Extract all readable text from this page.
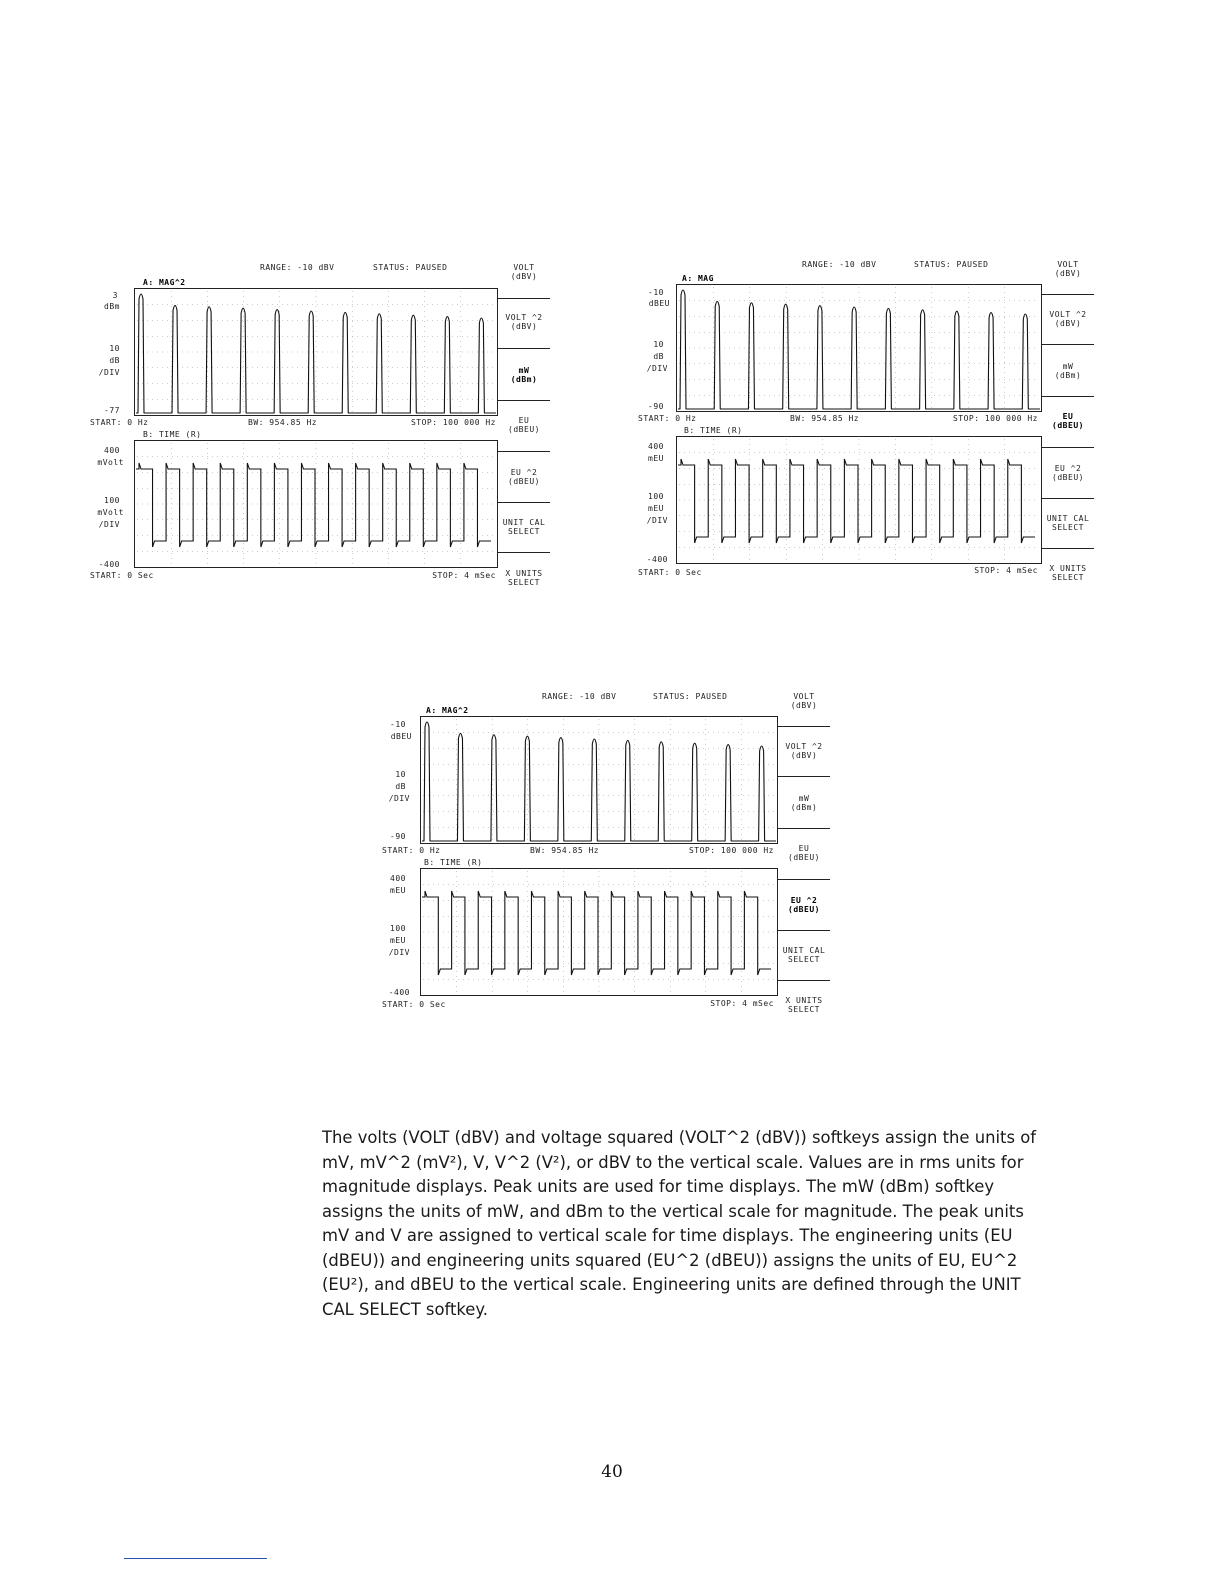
RANGE: -10 dBV	STATUS: PAUSED
A: MAG^2
3
dBm
10
dB
/DIV
-77
START: 0 Hz	BW: 954.85 Hz	STOP: 100 000 Hz
B: TIME (R)
400
mVolt
100
mVolt
/DIV
-400
START: 0 Sec	STOP: 4 mSec
VOLT
(dBV)
VOLT ^2
(dBV)
mW
(dBm)
EU
(dBEU)
EU ^2
(dBEU)
UNIT CAL
SELECT
X UNITS
SELECT
RANGE: -10 dBV	STATUS: PAUSED
A: MAG
-10
dBEU
10
dB
/DIV
-90
START: 0 Hz	BW: 954.85 Hz	STOP: 100 000 Hz
B: TIME (R)
400
mEU
100
mEU
/DIV
-400
START: 0 Sec	STOP: 4 mSec
VOLT
(dBV)
VOLT ^2
(dBV)
mW
(dBm)
EU
(dBEU)
EU ^2
(dBEU)
UNIT CAL
SELECT
X UNITS
SELECT
RANGE: -10 dBV	STATUS: PAUSED
A: MAG^2
-10
dBEU
10
dB
/DIV
-90
START: 0 Hz	BW: 954.85 Hz	STOP: 100 000 Hz
B: TIME (R)
400
mEU
100
mEU
/DIV
-400
START: 0 Sec	STOP: 4 mSec
VOLT
(dBV)
VOLT ^2
(dBV)
mW
(dBm)
EU
(dBEU)
EU ^2
(dBEU)
UNIT CAL
SELECT
X UNITS
SELECT

The volts (VOLT (dBV) and voltage squared (VOLT^2 (dBV)) softkeys assign the units of mV, mV^2 (mV²), V, V^2 (V²), or dBV to the vertical scale. Values are in rms units for magnitude displays. Peak units are used for time displays. The mW (dBm) softkey assigns the units of mW, and dBm to the vertical scale for magnitude. The peak units mV and V are assigned to vertical scale for time displays. The engineering units (EU (dBEU)) and engineering units squared (EU^2 (dBEU)) assigns the units of EU, EU^2 (EU²), and dBEU to the vertical scale. Engineering units are defined through the UNIT CAL SELECT softkey.

40
